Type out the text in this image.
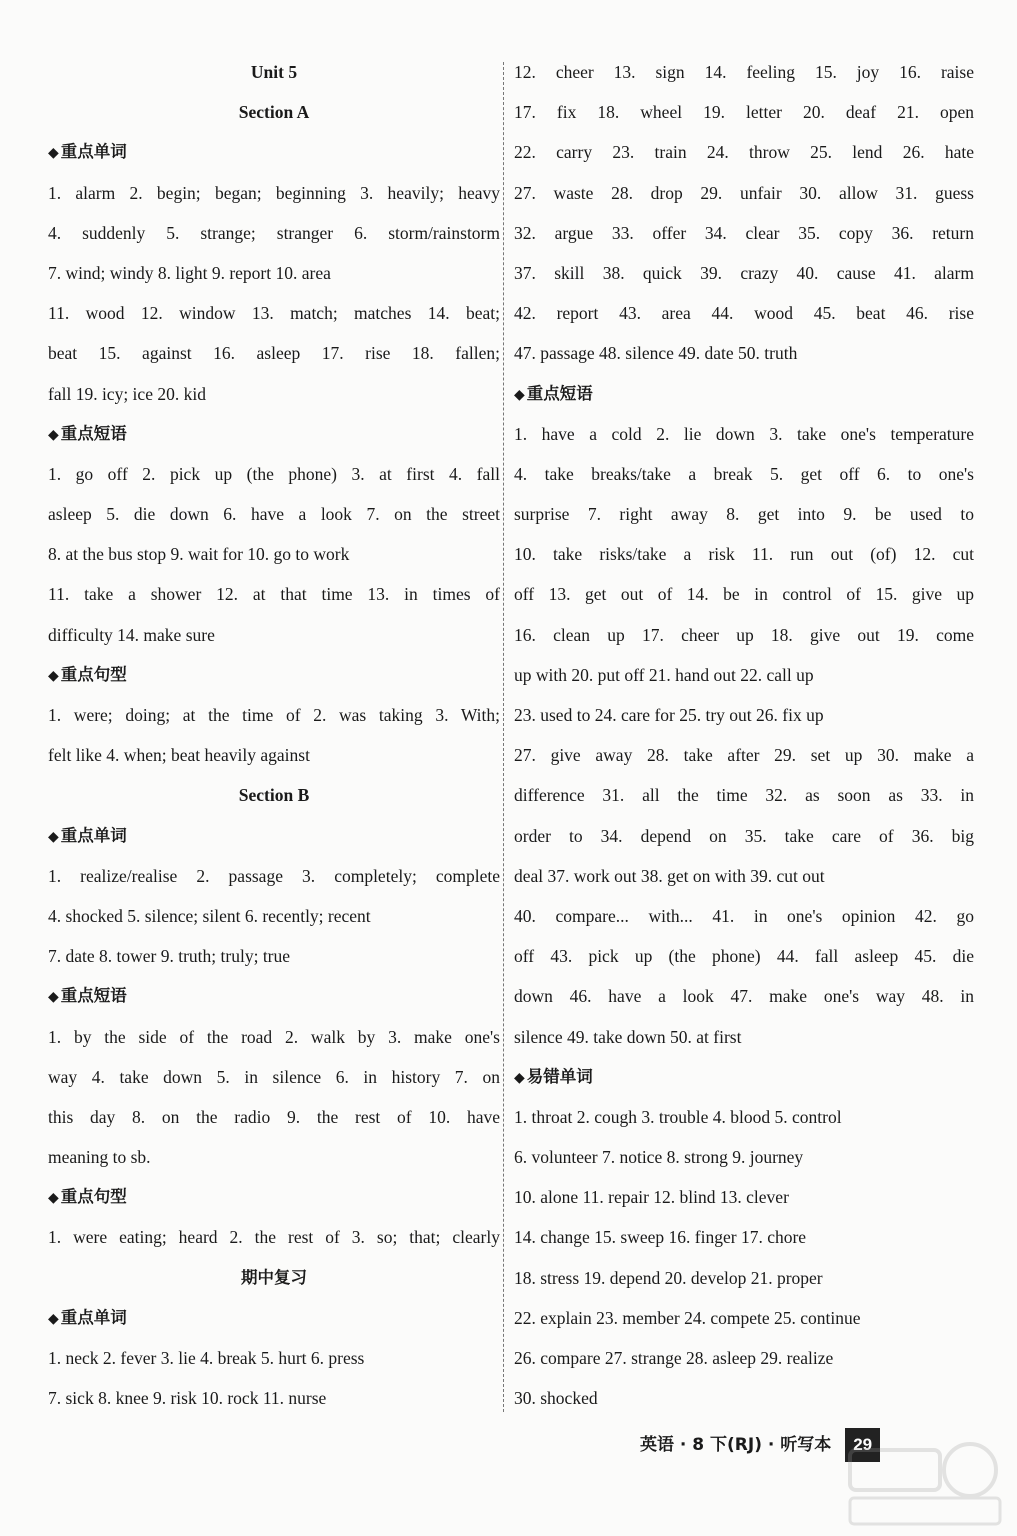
Unit 5
Section A
◆ 重点单词
1. alarm 2. begin; began; beginning 3. heavily; heavy
4. suddenly 5. strange; stranger 6. storm/rainstorm
7. wind; windy 8. light 9. report 10. area
11. wood 12. window 13. match; matches 14. beat;
beat 15. against 16. asleep 17. rise 18. fallen;
fall 19. icy; ice 20. kid
◆ 重点短语
1. go off 2. pick up (the phone) 3. at first 4. fall
asleep 5. die down 6. have a look 7. on the street
8. at the bus stop 9. wait for 10. go to work
11. take a shower 12. at that time 13. in times of
difficulty 14. make sure
◆ 重点句型
1. were; doing; at the time of 2. was taking 3. With;
felt like 4. when; beat heavily against
Section B
◆ 重点单词
1. realize/realise 2. passage 3. completely; complete
4. shocked 5. silence; silent 6. recently; recent
7. date 8. tower 9. truth; truly; true
◆ 重点短语
1. by the side of the road 2. walk by 3. make one's
way 4. take down 5. in silence 6. in history 7. on
this day 8. on the radio 9. the rest of 10. have
meaning to sb.
◆ 重点句型
1. were eating; heard 2. the rest of 3. so; that; clearly
期中复习
◆ 重点单词
1. neck 2. fever 3. lie 4. break 5. hurt 6. press
7. sick 8. knee 9. risk 10. rock 11. nurse
12. cheer 13. sign 14. feeling 15. joy 16. raise
17. fix 18. wheel 19. letter 20. deaf 21. open
22. carry 23. train 24. throw 25. lend 26. hate
27. waste 28. drop 29. unfair 30. allow 31. guess
32. argue 33. offer 34. clear 35. copy 36. return
37. skill 38. quick 39. crazy 40. cause 41. alarm
42. report 43. area 44. wood 45. beat 46. rise
47. passage 48. silence 49. date 50. truth
◆ 重点短语
1. have a cold 2. lie down 3. take one's temperature
4. take breaks/take a break 5. get off 6. to one's
surprise 7. right away 8. get into 9. be used to
10. take risks/take a risk 11. run out (of) 12. cut
off 13. get out of 14. be in control of 15. give up
16. clean up 17. cheer up 18. give out 19. come
up with 20. put off 21. hand out 22. call up
23. used to 24. care for 25. try out 26. fix up
27. give away 28. take after 29. set up 30. make a
difference 31. all the time 32. as soon as 33. in
order to 34. depend on 35. take care of 36. big
deal 37. work out 38. get on with 39. cut out
40. compare... with... 41. in one's opinion 42. go
off 43. pick up (the phone) 44. fall asleep 45. die
down 46. have a look 47. make one's way 48. in
silence 49. take down 50. at first
◆ 易错单词
1. throat 2. cough 3. trouble 4. blood 5. control
6. volunteer 7. notice 8. strong 9. journey
10. alone 11. repair 12. blind 13. clever
14. change 15. sweep 16. finger 17. chore
18. stress 19. depend 20. develop 21. proper
22. explain 23. member 24. compete 25. continue
26. compare 27. strange 28. asleep 29. realize
30. shocked
英语 · 8 下(RJ) · 听写本 29
